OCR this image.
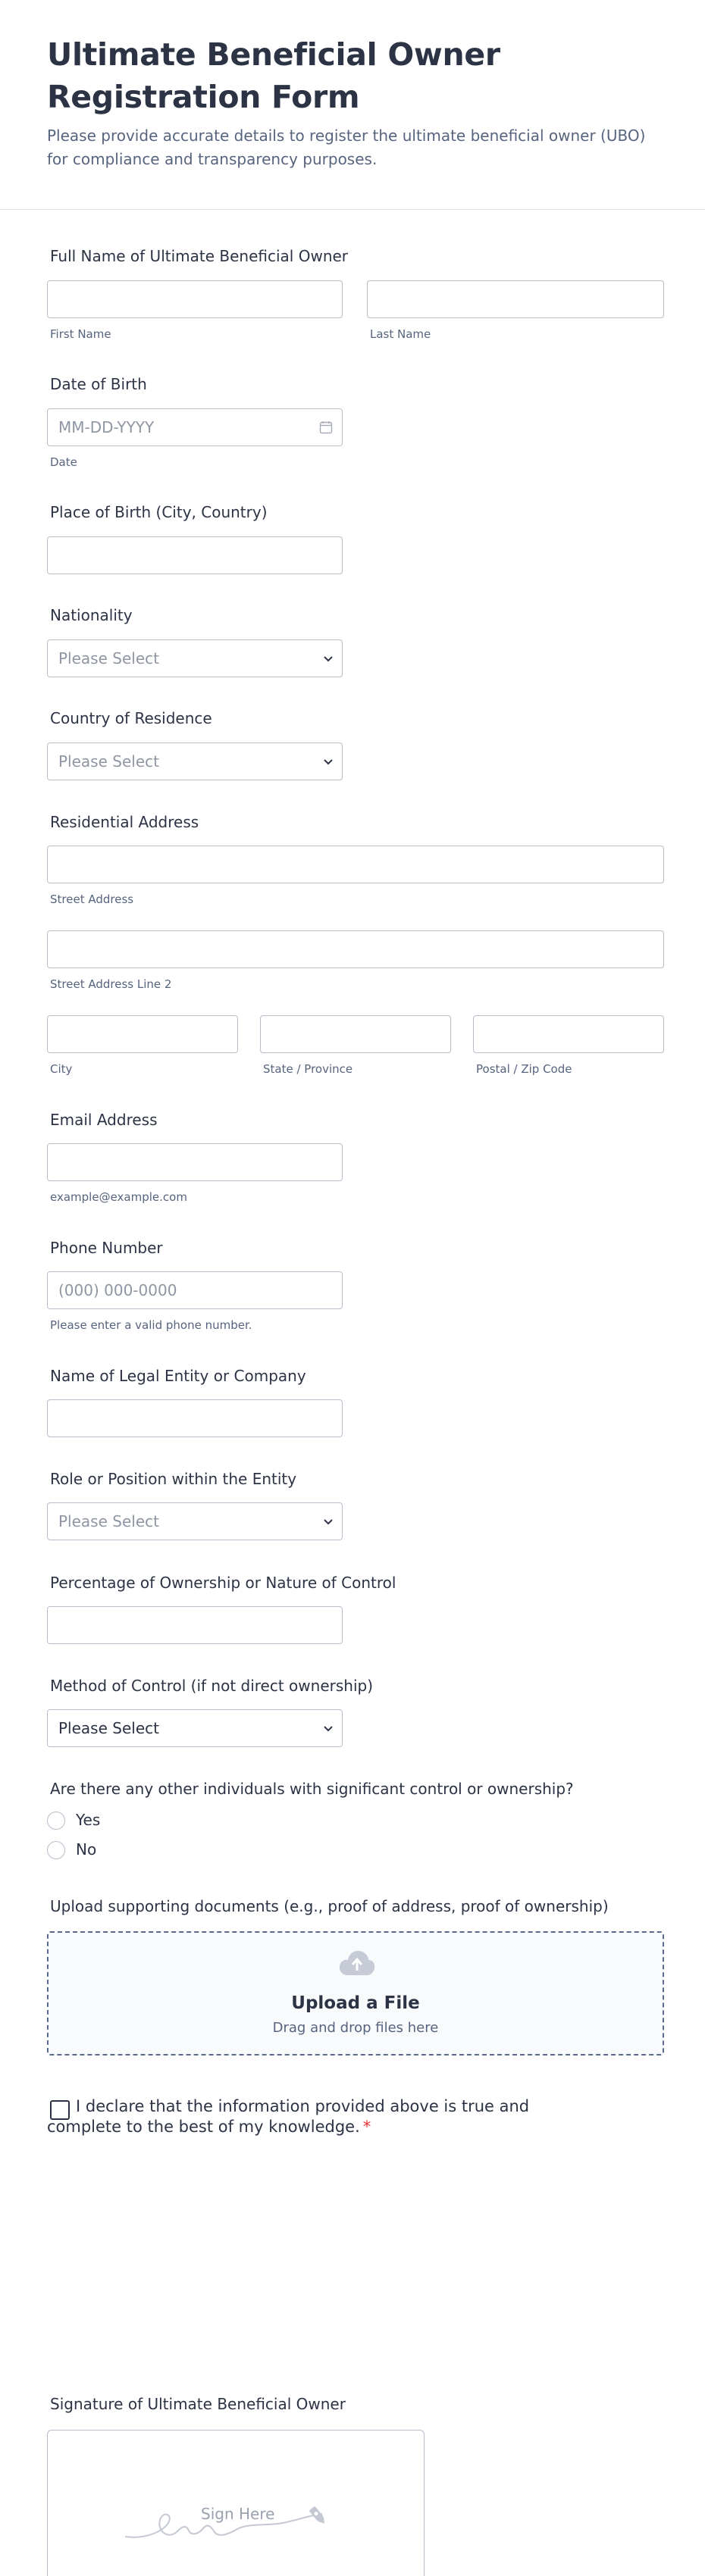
Ultimate Beneficial Owner Registration Form

Please provide accurate details to register the ultimate beneficial owner (UBO) for compliance and transparency purposes.

Full Name of Ultimate Beneficial Owner
First Name	Last Name
Date of Birth
MM-DD-YYYY
Date
Place of Birth (City, Country)
Nationality
Please Select
Country of Residence
Please Select
Residential Address
Street Address
Street Address Line 2
City	State / Province	Postal / Zip Code
Email Address
example@example.com
Phone Number
(000) 000-0000
Please enter a valid phone number.
Name of Legal Entity or Company
Role or Position within the Entity
Please Select
Percentage of Ownership or Nature of Control
Method of Control (if not direct ownership)
Please Select
Are there any other individuals with significant control or ownership?
Yes
No
Upload supporting documents (e.g., proof of address, proof of ownership)
Upload a File
Drag and drop files here
I declare that the information provided above is true and complete to the best of my knowledge. *
Signature of Ultimate Beneficial Owner
Sign Here
